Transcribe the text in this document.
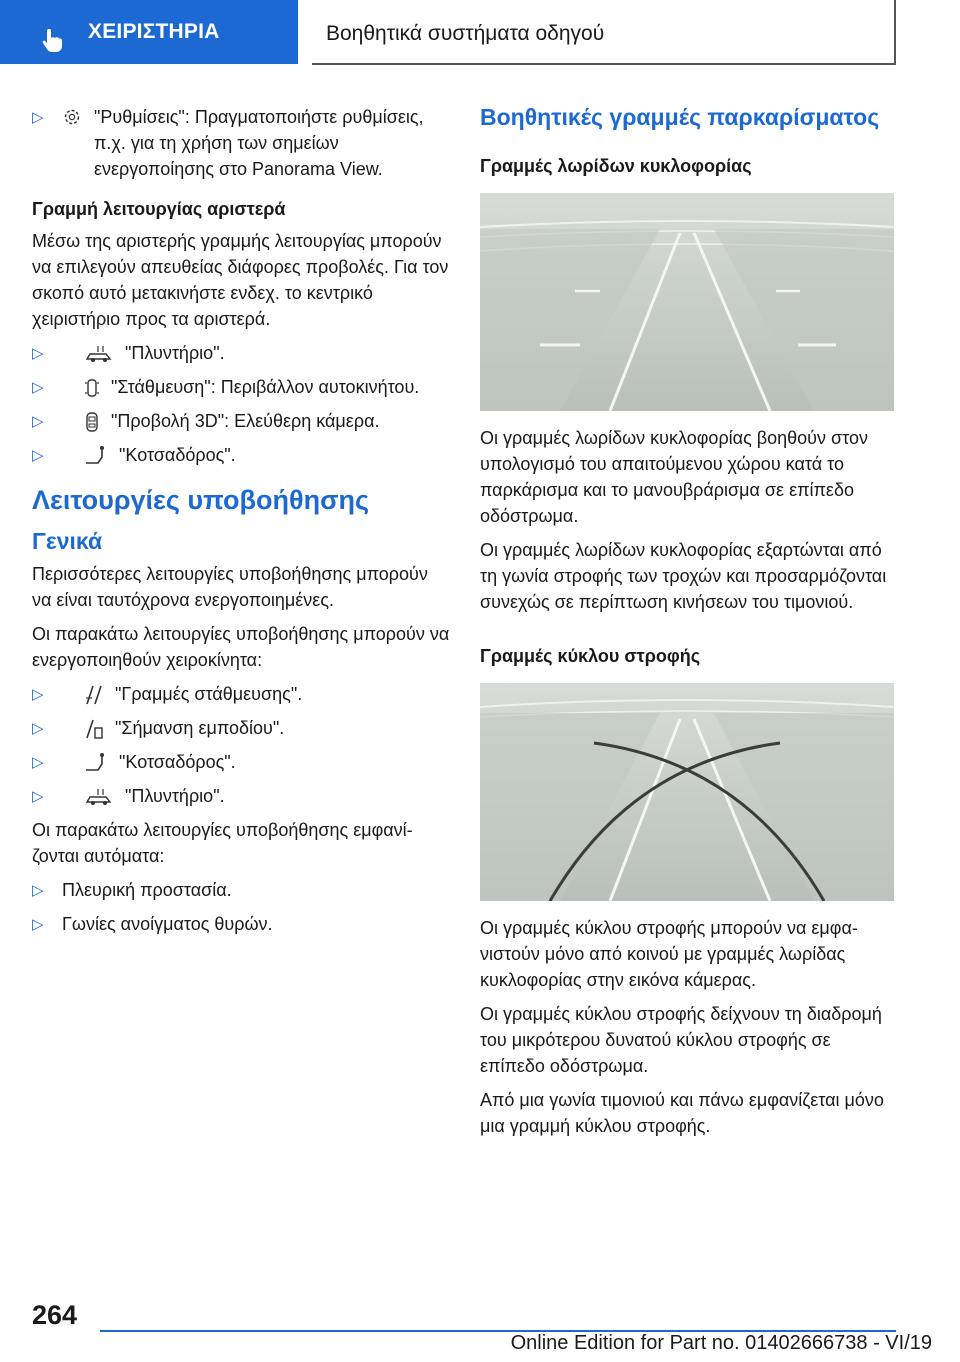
ΧΕΙΡΙΣΤΗΡΙΑ	Βοηθητικά συστήματα οδηγού
▷	"Ρυθμίσεις": Πραγματοποιήστε ρυθμίσεις, π.χ. για τη χρήση των σημείων ενεργοποίησης στο Panorama View.
Γραμμή λειτουργίας αριστερά

Μέσω της αριστερής γραμμής λειτουργίας μπορούν να επιλεγούν απευθείας διάφορες προβολές. Για τον σκοπό αυτό μετακινήστε ενδεχ. το κεντρικό χειριστήριο προς τα αριστερά.

▷	"Πλυντήριο".
▷	"Στάθμευση": Περιβάλλον αυτοκινήτου.
▷	"Προβολή 3D": Ελεύθερη κάμερα.
▷	"Κοτσαδόρος".
Λειτουργίες υποβοήθησης
Γενικά

Περισσότερες λειτουργίες υποβοήθησης μπορούν να είναι ταυτόχρονα ενεργοποιημένες.

Οι παρακάτω λειτουργίες υποβοήθησης μπορούν να ενεργοποιηθούν χειροκίνητα:

▷	"Γραμμές στάθμευσης".
▷	"Σήμανση εμποδίου".
▷	"Κοτσαδόρος".
▷	"Πλυντήριο".

Οι παρακάτω λειτουργίες υποβοήθησης εμφανίζονται αυτόματα:

▷ Πλευρική προστασία.
▷ Γωνίες ανοίγματος θυρών.
Βοηθητικές γραμμές παρκαρίσματος
Γραμμές λωρίδων κυκλοφορίας

Οι γραμμές λωρίδων κυκλοφορίας βοηθούν στον υπολογισμό του απαιτούμενου χώρου κατά το παρκάρισμα και το μανουβράρισμα σε επίπεδο οδόστρωμα.

Οι γραμμές λωρίδων κυκλοφορίας εξαρτώνται από τη γωνία στροφής των τροχών και προσαρμόζονται συνεχώς σε περίπτωση κινήσεων του τιμονιού.

Γραμμές κύκλου στροφής

Οι γραμμές κύκλου στροφής μπορούν να εμφανιστούν μόνο από κοινού με γραμμές λωρίδας κυκλοφορίας στην εικόνα κάμερας.

Οι γραμμές κύκλου στροφής δείχνουν τη διαδρομή του μικρότερου δυνατού κύκλου στροφής σε επίπεδο οδόστρωμα.

Από μια γωνία τιμονιού και πάνω εμφανίζεται μόνο μια γραμμή κύκλου στροφής.

264
Online Edition for Part no. 01402666738 - VI/19
